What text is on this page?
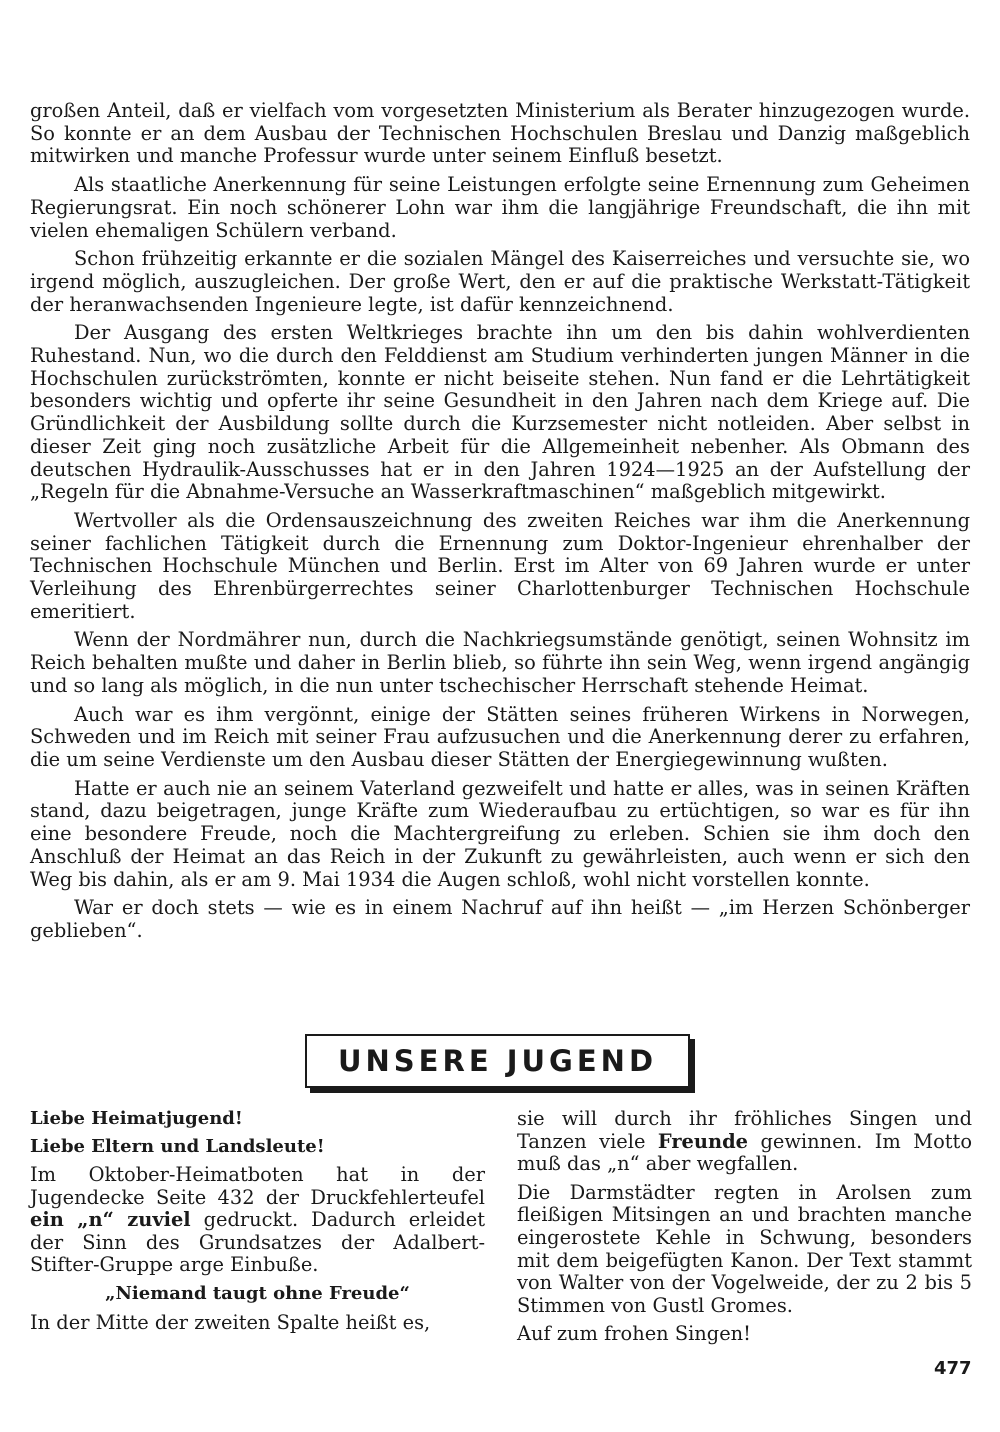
großen Anteil, daß er vielfach vom vorgesetzten Ministerium als Berater hinzugezogen wurde. So konnte er an dem Ausbau der Technischen Hochschulen Breslau und Danzig maßgeblich mitwirken und manche Professur wurde unter seinem Einfluß besetzt.

Als staatliche Anerkennung für seine Leistungen erfolgte seine Ernennung zum Geheimen Regierungsrat. Ein noch schönerer Lohn war ihm die langjährige Freundschaft, die ihn mit vielen ehemaligen Schülern verband.

Schon frühzeitig erkannte er die sozialen Mängel des Kaiserreiches und versuchte sie, wo irgend möglich, auszugleichen. Der große Wert, den er auf die praktische Werkstatt-Tätigkeit der heranwachsenden Ingenieure legte, ist dafür kennzeichnend.

Der Ausgang des ersten Weltkrieges brachte ihn um den bis dahin wohlverdienten Ruhestand. Nun, wo die durch den Felddienst am Studium verhinderten jungen Männer in die Hochschulen zurückströmten, konnte er nicht beiseite stehen. Nun fand er die Lehrtätigkeit besonders wichtig und opferte ihr seine Gesundheit in den Jahren nach dem Kriege auf. Die Gründlichkeit der Ausbildung sollte durch die Kurzsemester nicht notleiden. Aber selbst in dieser Zeit ging noch zusätzliche Arbeit für die Allgemeinheit nebenher. Als Obmann des deutschen Hydraulik-Ausschusses hat er in den Jahren 1924—1925 an der Aufstellung der „Regeln für die Abnahme-Versuche an Wasserkraftmaschinen“ maßgeblich mitgewirkt.

Wertvoller als die Ordensauszeichnung des zweiten Reiches war ihm die Anerkennung seiner fachlichen Tätigkeit durch die Ernennung zum Doktor-Ingenieur ehrenhalber der Technischen Hochschule München und Berlin. Erst im Alter von 69 Jahren wurde er unter Verleihung des Ehrenbürgerrechtes seiner Charlottenburger Technischen Hochschule emeritiert.

Wenn der Nordmährer nun, durch die Nachkriegsumstände genötigt, seinen Wohnsitz im Reich behalten mußte und daher in Berlin blieb, so führte ihn sein Weg, wenn irgend angängig und so lang als möglich, in die nun unter tschechischer Herrschaft stehende Heimat.

Auch war es ihm vergönnt, einige der Stätten seines früheren Wirkens in Norwegen, Schweden und im Reich mit seiner Frau aufzusuchen und die Anerkennung derer zu erfahren, die um seine Verdienste um den Ausbau dieser Stätten der Energiegewinnung wußten.

Hatte er auch nie an seinem Vaterland gezweifelt und hatte er alles, was in seinen Kräften stand, dazu beigetragen, junge Kräfte zum Wiederaufbau zu ertüchtigen, so war es für ihn eine besondere Freude, noch die Machtergreifung zu erleben. Schien sie ihm doch den Anschluß der Heimat an das Reich in der Zukunft zu gewährleisten, auch wenn er sich den Weg bis dahin, als er am 9. Mai 1934 die Augen schloß, wohl nicht vorstellen konnte.

War er doch stets — wie es in einem Nachruf auf ihn heißt — „im Herzen Schönberger geblieben“.

UNSERE JUGEND
Liebe Heimatjugend!
Liebe Eltern und Landsleute!

Im Oktober-Heimatboten hat in der Jugendecke Seite 432 der Druckfehlerteufel ein „n“ zuviel gedruckt. Dadurch erleidet der Sinn des Grundsatzes der Adalbert-Stifter-Gruppe arge Einbuße.

„Niemand taugt ohne Freude“

In der Mitte der zweiten Spalte heißt es,

sie will durch ihr fröhliches Singen und Tanzen viele Freunde gewinnen. Im Motto muß das „n“ aber wegfallen.

Die Darmstädter regten in Arolsen zum fleißigen Mitsingen an und brachten manche eingerostete Kehle in Schwung, besonders mit dem beigefügten Kanon. Der Text stammt von Walter von der Vogelweide, der zu 2 bis 5 Stimmen von Gustl Gromes.

Auf zum frohen Singen!

477
